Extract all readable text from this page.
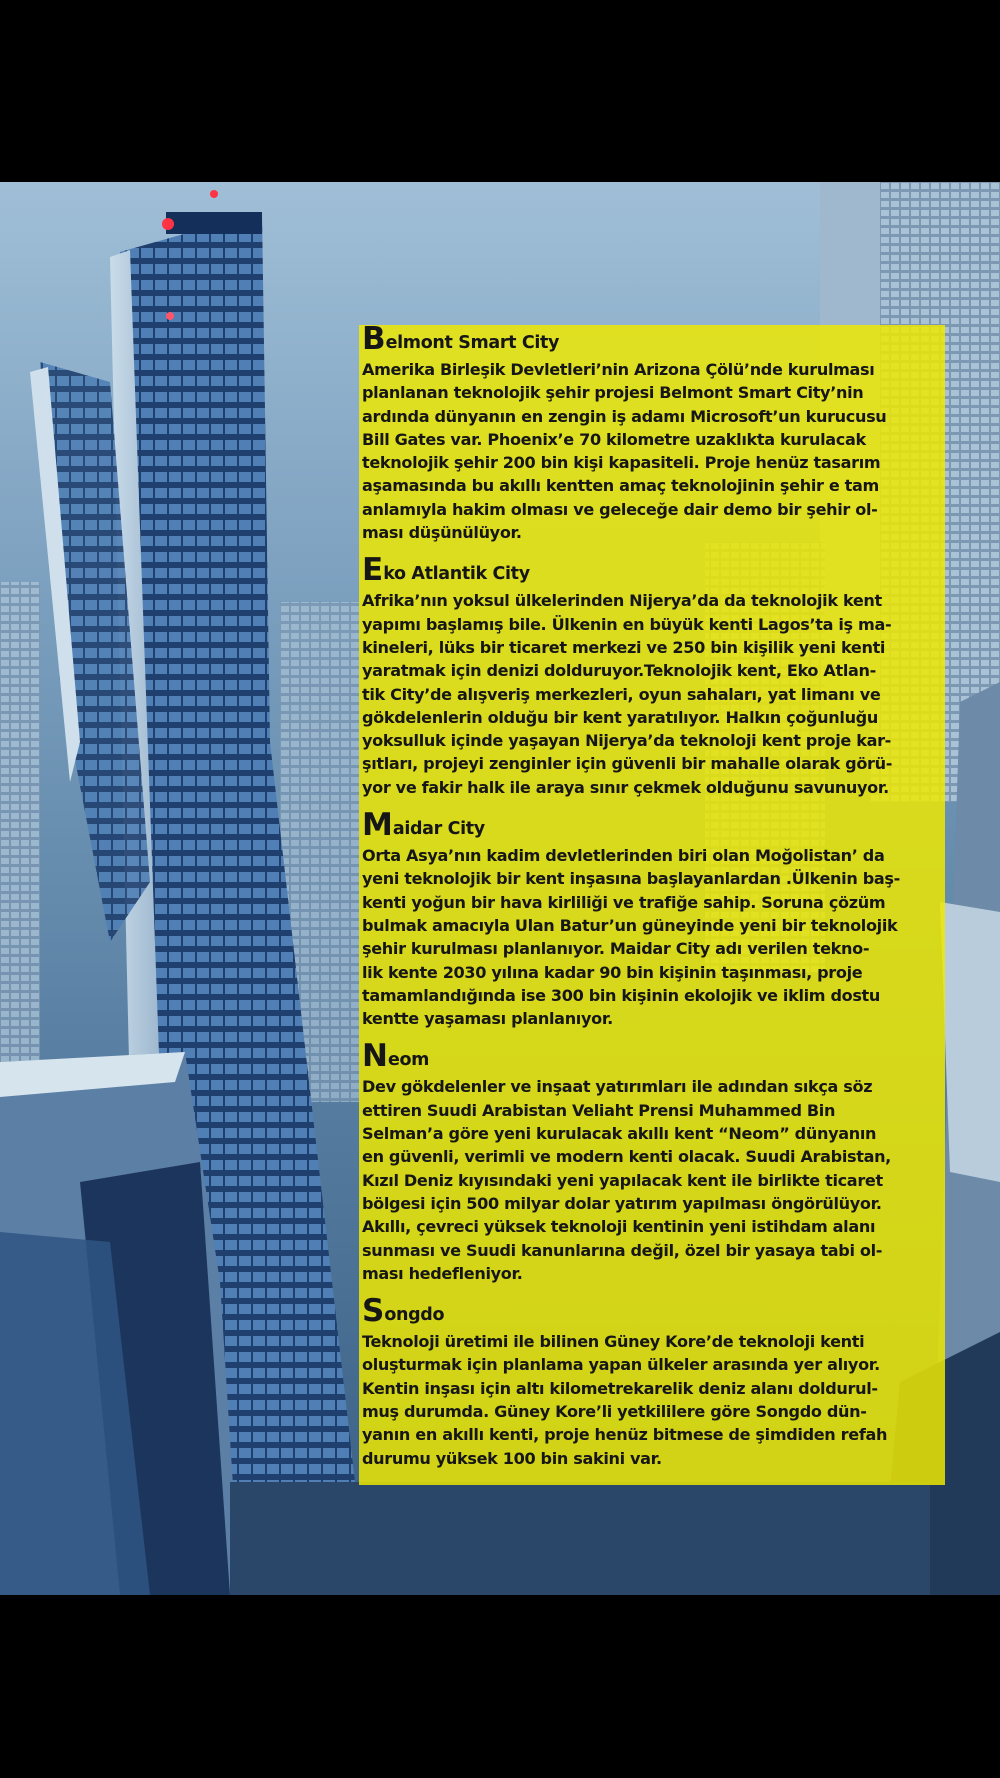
Belmont Smart City
Amerika Birleşik Devletleri’nin Arizona Çölü’nde kurulması
planlanan teknolojik şehir projesi Belmont Smart City’nin
ardında dünyanın en zengin iş adamı Microsoft’un kurucusu
Bill Gates var. Phoenix’e 70 kilometre uzaklıkta kurulacak
teknolojik şehir 200 bin kişi kapasiteli. Proje henüz tasarım
aşamasında bu akıllı kentten amaç teknolojinin şehir e tam
anlamıyla hakim olması ve geleceğe dair demo bir şehir ol-
ması düşünülüyor.
Eko Atlantik City
Afrika’nın yoksul ülkelerinden Nijerya’da da teknolojik kent
yapımı başlamış bile. Ülkenin en büyük kenti Lagos’ta iş ma-
kineleri, lüks bir ticaret merkezi ve 250 bin kişilik yeni kenti
yaratmak için denizi dolduruyor.Teknolojik kent, Eko Atlan-
tik City’de alışveriş merkezleri, oyun sahaları, yat limanı ve
gökdelenlerin olduğu bir kent yaratılıyor. Halkın çoğunluğu
yoksulluk içinde yaşayan Nijerya’da teknoloji kent proje kar-
şıtları, projeyi zenginler için güvenli bir mahalle olarak görü-
yor ve fakir halk ile araya sınır çekmek olduğunu savunuyor.
Maidar City
Orta Asya’nın kadim devletlerinden biri olan Moğolistan’ da
yeni teknolojik bir kent inşasına başlayanlardan .Ülkenin baş-
kenti yoğun bir hava kirliliği ve trafiğe sahip. Soruna çözüm
bulmak amacıyla Ulan Batur’un güneyinde yeni bir teknolojik
şehir kurulması planlanıyor. Maidar City adı verilen tekno-
lik kente 2030 yılına kadar 90 bin kişinin taşınması, proje
tamamlandığında ise 300 bin kişinin ekolojik ve iklim dostu
kentte yaşaması planlanıyor.
Neom
Dev gökdelenler ve inşaat yatırımları ile adından sıkça söz
ettiren Suudi Arabistan Veliaht Prensi Muhammed Bin
Selman’a göre yeni kurulacak akıllı kent “Neom” dünyanın
en güvenli, verimli ve modern kenti olacak. Suudi Arabistan,
Kızıl Deniz kıyısındaki yeni yapılacak kent ile birlikte ticaret
bölgesi için 500 milyar dolar yatırım yapılması öngörülüyor.
Akıllı, çevreci yüksek teknoloji kentinin yeni istihdam alanı
sunması ve Suudi kanunlarına değil, özel bir yasaya tabi ol-
ması hedefleniyor.
Songdo
Teknoloji üretimi ile bilinen Güney Kore’de teknoloji kenti
oluşturmak için planlama yapan ülkeler arasında yer alıyor.
Kentin inşası için altı kilometrekarelik deniz alanı doldurul-
muş durumda. Güney Kore’li yetkililere göre Songdo dün-
yanın en akıllı kenti, proje henüz bitmese de şimdiden refah
durumu yüksek 100 bin sakini var.
